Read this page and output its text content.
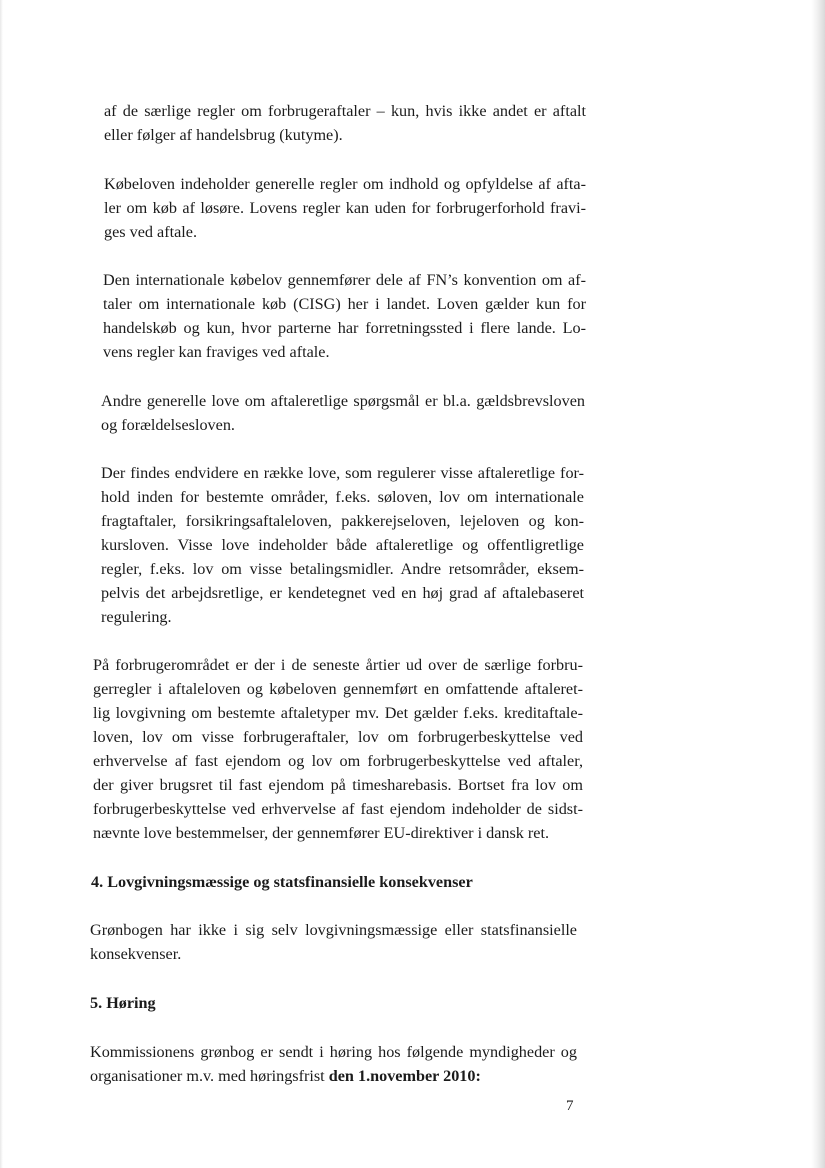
af de særlige regler om forbrugeraftaler – kun, hvis ikke andet er aftalt
eller følger af handelsbrug (kutyme).

Købeloven indeholder generelle regler om indhold og opfyldelse af afta-
ler om køb af løsøre. Lovens regler kan uden for forbrugerforhold fravi-
ges ved aftale.

Den internationale købelov gennemfører dele af FN’s konvention om af-
taler om internationale køb (CISG) her i landet. Loven gælder kun for
handelskøb og kun, hvor parterne har forretningssted i flere lande. Lo-
vens regler kan fraviges ved aftale.

Andre generelle love om aftaleretlige spørgsmål er bl.a. gældsbrevsloven
og forældelsesloven.

Der findes endvidere en række love, som regulerer visse aftaleretlige for-
hold inden for bestemte områder, f.eks. søloven, lov om internationale
fragtaftaler, forsikringsaftaleloven, pakkerejseloven, lejeloven og kon-
kursloven. Visse love indeholder både aftaleretlige og offentligretlige
regler, f.eks. lov om visse betalingsmidler. Andre retsområder, eksem-
pelvis det arbejdsretlige, er kendetegnet ved en høj grad af aftalebaseret
regulering.

På forbrugerområdet er der i de seneste årtier ud over de særlige forbru-
gerregler i aftaleloven og købeloven gennemført en omfattende aftaleret-
lig lovgivning om bestemte aftaletyper mv. Det gælder f.eks. kreditaftale-
loven, lov om visse forbrugeraftaler, lov om forbrugerbeskyttelse ved
erhvervelse af fast ejendom og lov om forbrugerbeskyttelse ved aftaler,
der giver brugsret til fast ejendom på timesharebasis. Bortset fra lov om
forbrugerbeskyttelse ved erhvervelse af fast ejendom indeholder de sidst-
nævnte love bestemmelser, der gennemfører EU-direktiver i dansk ret.

4. Lovgivningsmæssige og statsfinansielle konsekvenser

Grønbogen har ikke i sig selv lovgivningsmæssige eller statsfinansielle
konsekvenser.

5. Høring

Kommissionens grønbog er sendt i høring hos følgende myndigheder og
organisationer m.v. med høringsfrist den 1.november 2010:

7
